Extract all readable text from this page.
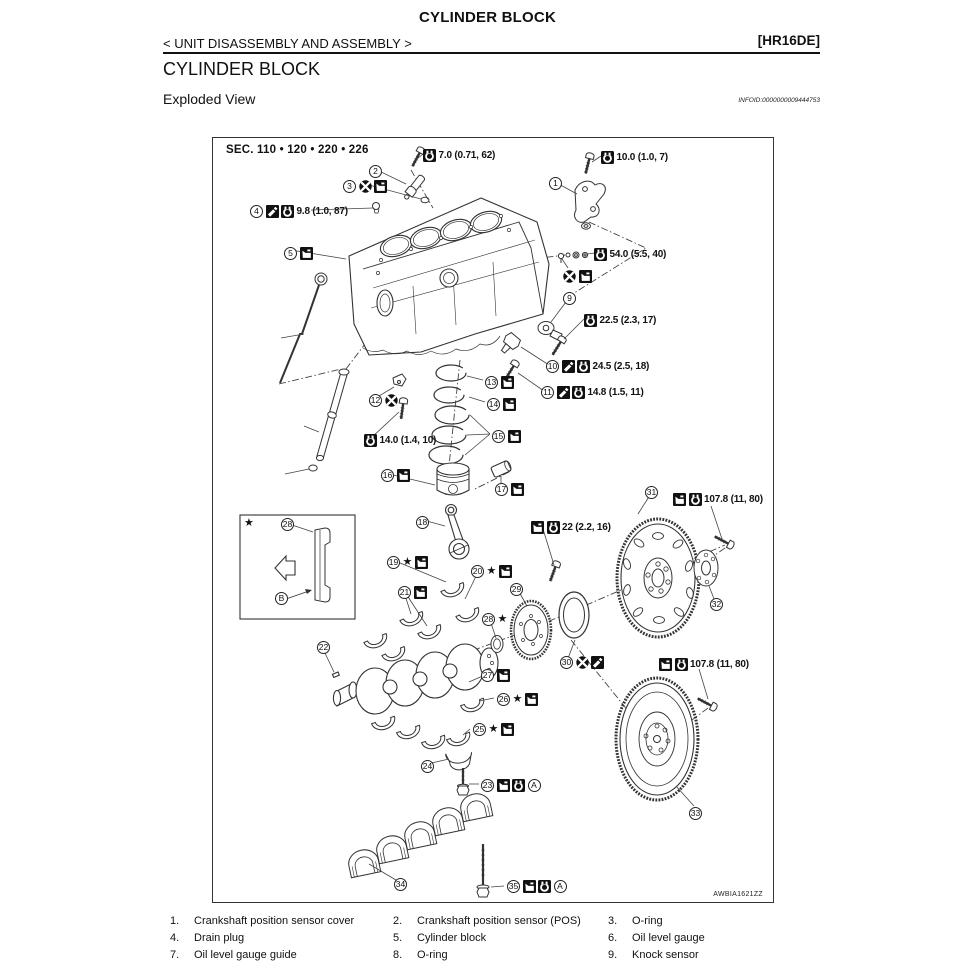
CYLINDER BLOCK
< UNIT DISASSEMBLY AND ASSEMBLY >	[HR16DE]
CYLINDER BLOCK
Exploded View	INFOID:0000000009444753
SEC. 110 • 120 • 220 • 226	7.0 (0.71, 62)
2
3	1
10.0 (1.0, 7)
4	9.8 (1.0, 87)
5	54.0 (5.5, 40)
9
22.5 (2.3, 17)
10	24.5 (2.5, 18)
11	14.8 (1.5, 11)
12
13
14
15
14.0 (1.4, 10)
16
17
18	22 (2.2, 16)
19 ★
20 ★
21	29
28 ★
30
31
107.8 (11, 80)
32
107.8 (11, 80)
33
22
27
26 ★
25 ★
24
23	A
34	35	A
★	28
B
AWBIA1621ZZ
1.	Crankshaft position sensor cover	2.	Crankshaft position sensor (POS) 3.	O-ring
4.	Drain plug	5.	Cylinder block	6.	Oil level gauge
7.	Oil level gauge guide	8.	O-ring	9.	Knock sensor
